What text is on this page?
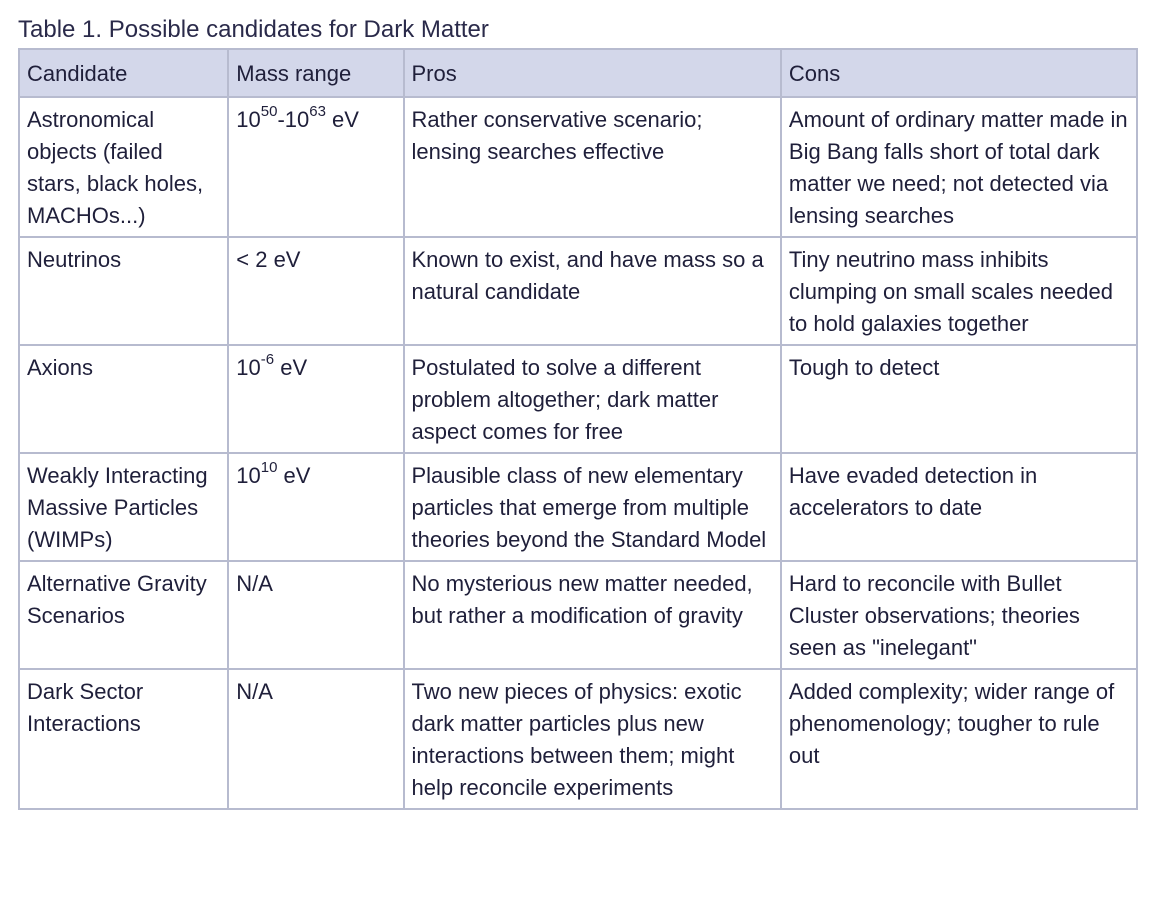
Table 1. Possible candidates for Dark Matter
Candidate	Mass range	Pros	Cons
Astronomical objects (failed stars, black holes, MACHOs...)	$10^{50}-10^{63}$ eV	Rather conservative scenario; lensing searches effective	Amount of ordinary matter made in Big Bang falls short of total dark matter we need; not detected via lensing searches
Neutrinos	< 2 eV	Known to exist, and have mass so a natural candidate	Tiny neutrino mass inhibits clumping on small scales needed to hold galaxies together
Axions	$10^{-6}$ eV	Postulated to solve a different problem altogether; dark matter aspect comes for free	Tough to detect
Weakly Interacting Massive Particles (WIMPs)	$10^{10}$ eV	Plausible class of new elementary particles that emerge from multiple theories beyond the Standard Model	Have evaded detection in accelerators to date
Alternative Gravity Scenarios	N/A	No mysterious new matter needed, but rather a modification of gravity	Hard to reconcile with Bullet Cluster observations; theories seen as "inelegant"
Dark Sector Interactions	N/A	Two new pieces of physics: exotic dark matter particles plus new interactions between them; might help reconcile experiments	Added complexity; wider range of phenomenology; tougher to rule out
